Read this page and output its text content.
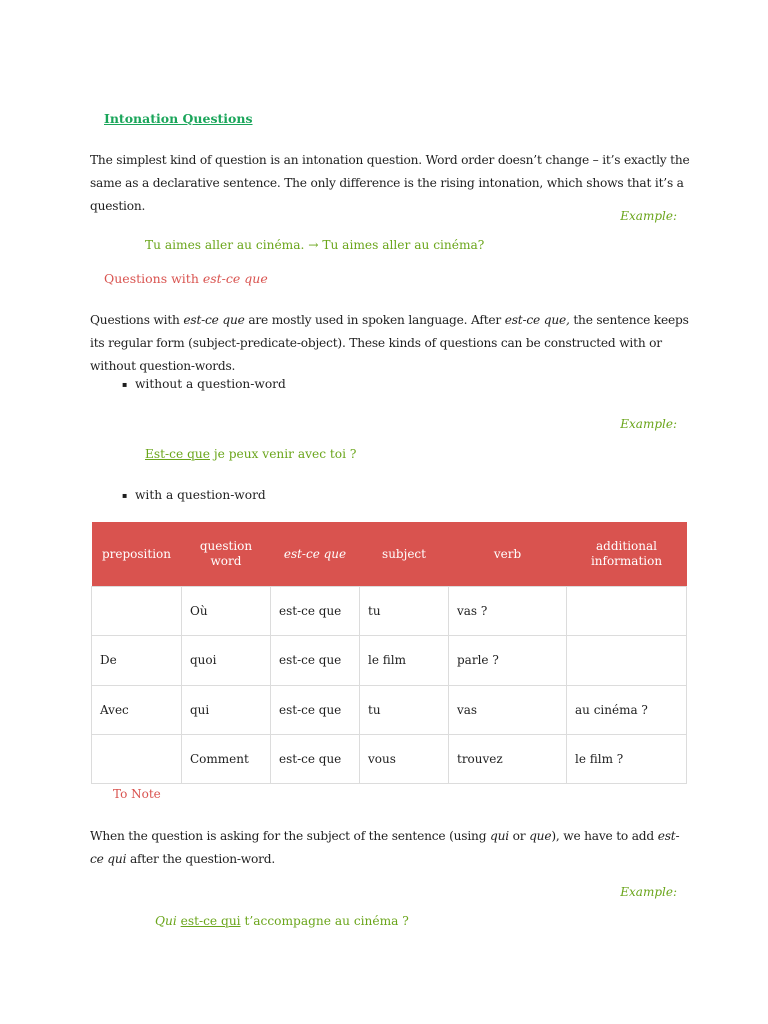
Intonation Questions
The simplest kind of question is an intonation question. Word order doesn’t change – it’s exactly the same as a declarative sentence. The only difference is the rising intonation, which shows that it’s a question.
Example:
Tu aimes aller au cinéma. → Tu aimes aller au cinéma?
Questions with est-ce que
Questions with est-ce que are mostly used in spoken language. After est-ce que, the sentence keeps its regular form (subject-predicate-object). These kinds of questions can be constructed with or without question-words.
▪ without a question-word
Example:
Est-ce que je peux venir avec toi ?
▪ with a question-word
preposition	question word	est-ce que	subject	verb	additional information
	Où	est-ce que	tu	vas ?	
De	quoi	est-ce que	le film	parle ?	
Avec	qui	est-ce que	tu	vas	au cinéma ?
	Comment	est-ce que	vous	trouvez	le film ?
To Note
When the question is asking for the subject of the sentence (using qui or que), we have to add est-ce qui after the question-word.
Example:
Qui est-ce qui t’accompagne au cinéma ?
